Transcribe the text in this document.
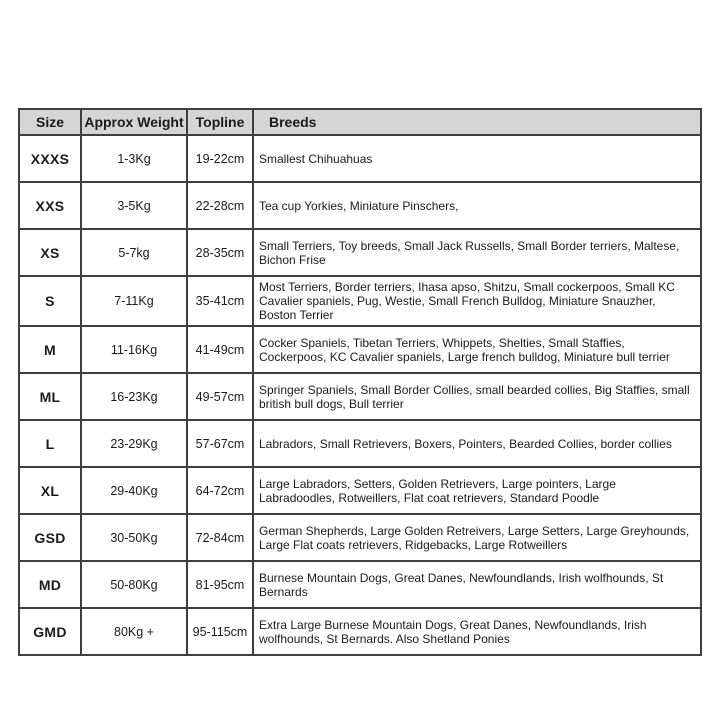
Size	Approx Weight	Topline	Breeds
XXXS	1-3Kg	19-22cm	Smallest Chihuahuas
XXS	3-5Kg	22-28cm	Tea cup Yorkies, Miniature Pinschers,
XS	5-7kg	28-35cm	Small Terriers, Toy breeds, Small Jack Russells, Small Border terriers, Maltese, Bichon Frise
S	7-11Kg	35-41cm	Most Terriers, Border terriers, Ihasa apso, Shitzu, Small cockerpoos, Small KC Cavalier spaniels, Pug, Westie, Small French Bulldog, Miniature Snauzher, Boston Terrier
M	11-16Kg	41-49cm	Cocker Spaniels, Tibetan Terriers, Whippets, Shelties, Small Staffies, Cockerpoos, KC Cavalier spaniels, Large french bulldog, Miniature bull terrier
ML	16-23Kg	49-57cm	Springer Spaniels, Small Border Collies, small bearded collies, Big Staffies, small british bull dogs, Bull terrier
L	23-29Kg	57-67cm	Labradors, Small Retrievers, Boxers, Pointers, Bearded Collies, border collies
XL	29-40Kg	64-72cm	Large Labradors, Setters, Golden Retrievers, Large pointers, Large Labradoodles, Rotweillers, Flat coat retrievers, Standard Poodle
GSD	30-50Kg	72-84cm	German Shepherds, Large Golden Retreivers, Large Setters, Large Greyhounds, Large Flat coats retrievers, Ridgebacks, Large Rotweillers
MD	50-80Kg	81-95cm	Burnese Mountain Dogs, Great Danes, Newfoundlands, Irish wolfhounds, St Bernards
GMD	80Kg +	95-115cm	Extra Large Burnese Mountain Dogs, Great Danes, Newfoundlands, Irish wolfhounds, St Bernards. Also Shetland Ponies
